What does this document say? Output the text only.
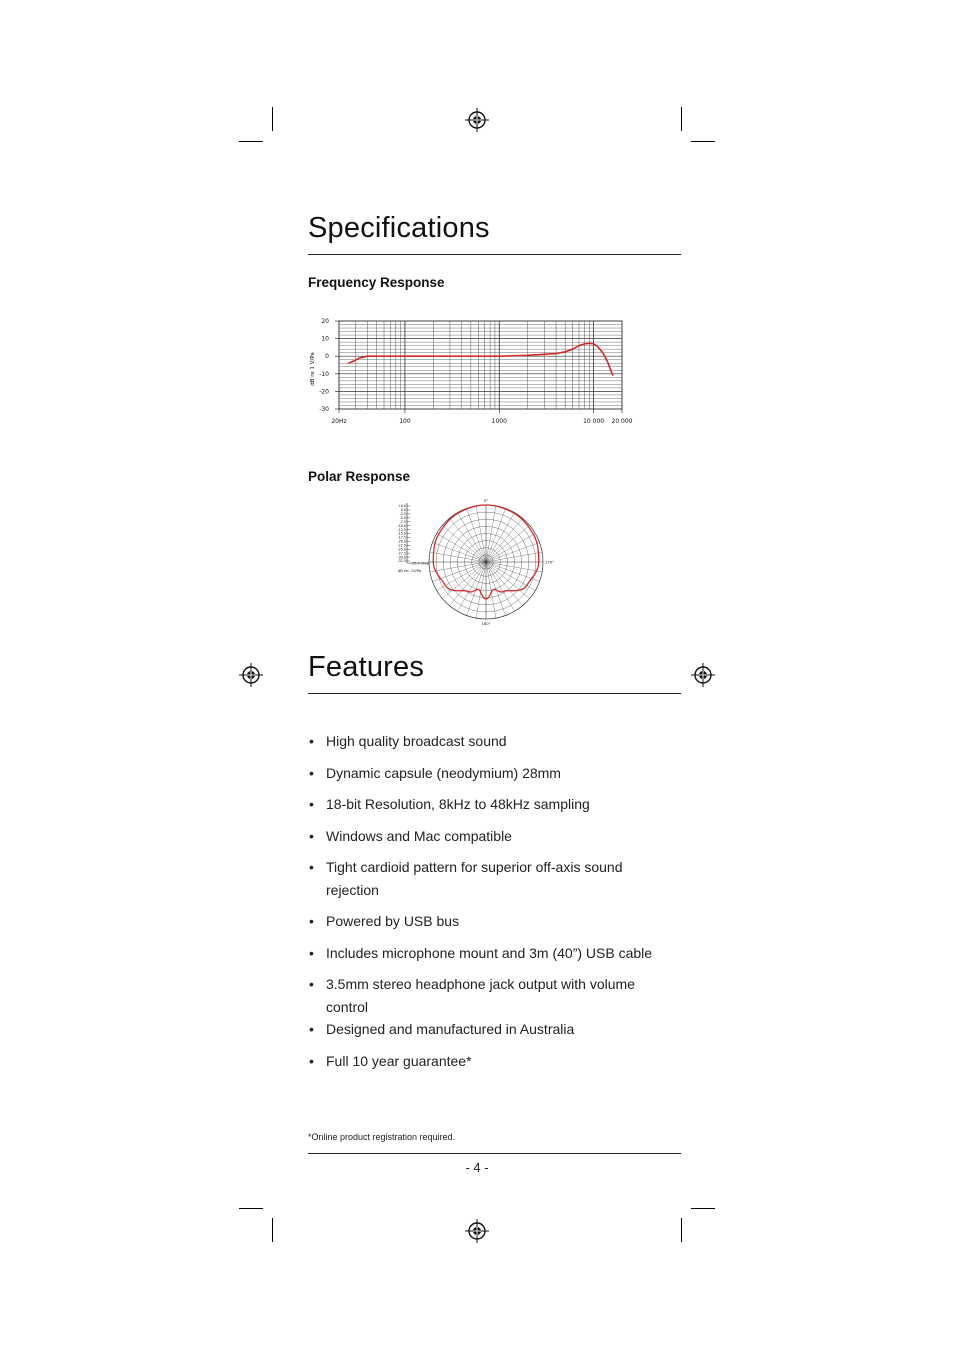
Specifications
Frequency Response
20
10
0
-10
-20
-30
20Hz	100	1000	10 000 20 000
dB re 1 V/Pa
Polar Response
+0.0
0.0
-2.5
-5.0
-7.5
-10.0
-12.5
-15.0
-17.5
-20.0
-22.5
-25.0
-27.5
-30.0
-32.5
-25.0 1kHz
dB rel. 1V/Pa
0°
270°
180°
Features
• High quality broadcast sound
• Dynamic capsule (neodymium) 28mm
• 18-bit Resolution, 8kHz to 48kHz sampling
• Windows and Mac compatible
• Tight cardioid pattern for superior off-axis sound rejection
• Powered by USB bus
• Includes microphone mount and 3m (40”) USB cable
• 3.5mm stereo headphone jack output with volume control
• Designed and manufactured in Australia
• Full 10 year guarantee*
*Online product registration required.
- 4 -
